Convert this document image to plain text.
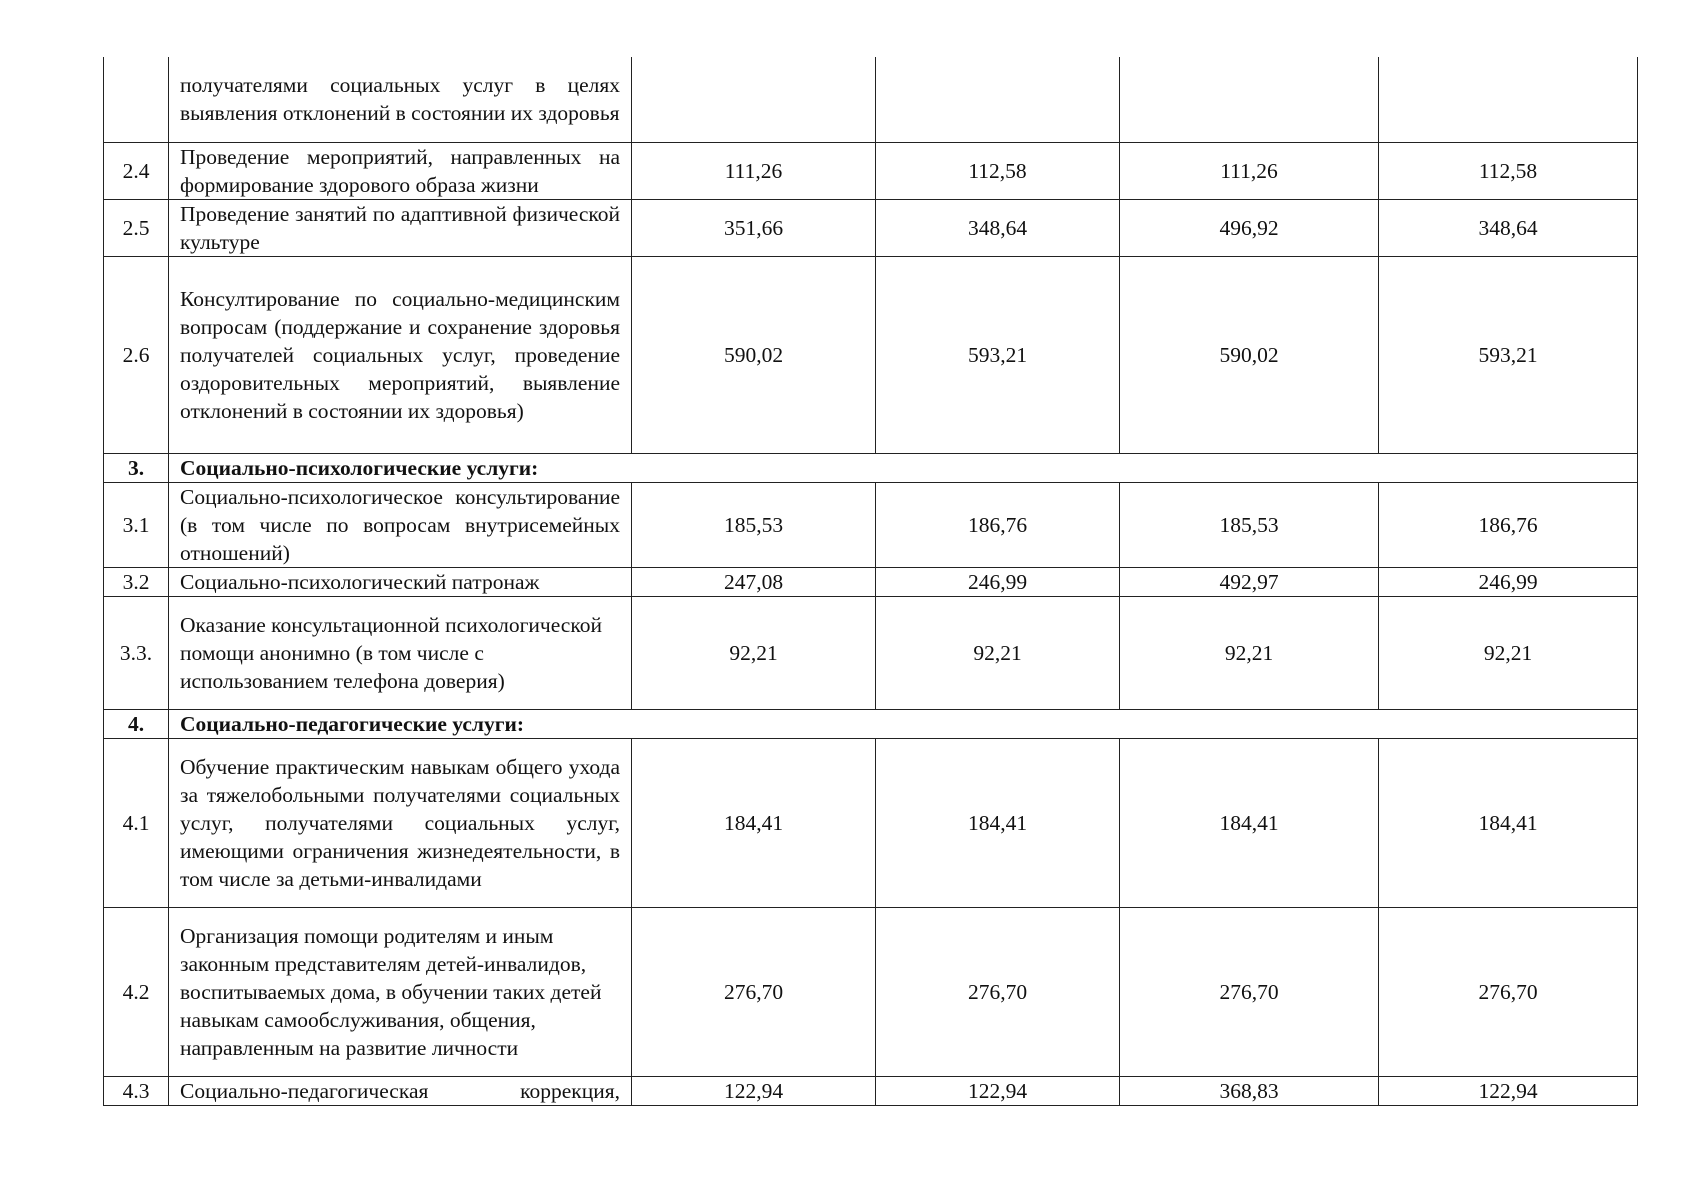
	получателями социальных услуг в целях выявления отклонений в состоянии их здоровья				
2.4	Проведение мероприятий, направленных на формирование здорового образа жизни	111,26	112,58	111,26	112,58
2.5	Проведение занятий по адаптивной физической культуре	351,66	348,64	496,92	348,64
2.6	Консултирование по социально-медицинским вопросам (поддержание и сохранение здоровья получателей социальных услуг, проведение оздоровительных мероприятий, выявление отклонений в состоянии их здоровья)	590,02	593,21	590,02	593,21
3.	Социально-психологические услуги:				
3.1	Социально-психологическое консультирование (в том числе по вопросам внутрисемейных отношений)	185,53	186,76	185,53	186,76
3.2	Социально-психологический патронаж	247,08	246,99	492,97	246,99
3.3.	Оказание консультационной психологической помощи анонимно (в том числе с использованием телефона доверия)	92,21	92,21	92,21	92,21
4.	Социально-педагогические услуги:				
4.1	Обучение практическим навыкам общего ухода за тяжелобольными получателями социальных услуг, получателями социальных услуг, имеющими ограничения жизнедеятельности, в том числе за детьми-инвалидами	184,41	184,41	184,41	184,41
4.2	Организация помощи родителям и иным законным представителям детей-инвалидов, воспитываемых дома, в обучении таких детей навыкам самообслуживания, общения, направленным на развитие личности	276,70	276,70	276,70	276,70
4.3	Социально-педагогическая коррекция,	122,94	122,94	368,83	122,94
